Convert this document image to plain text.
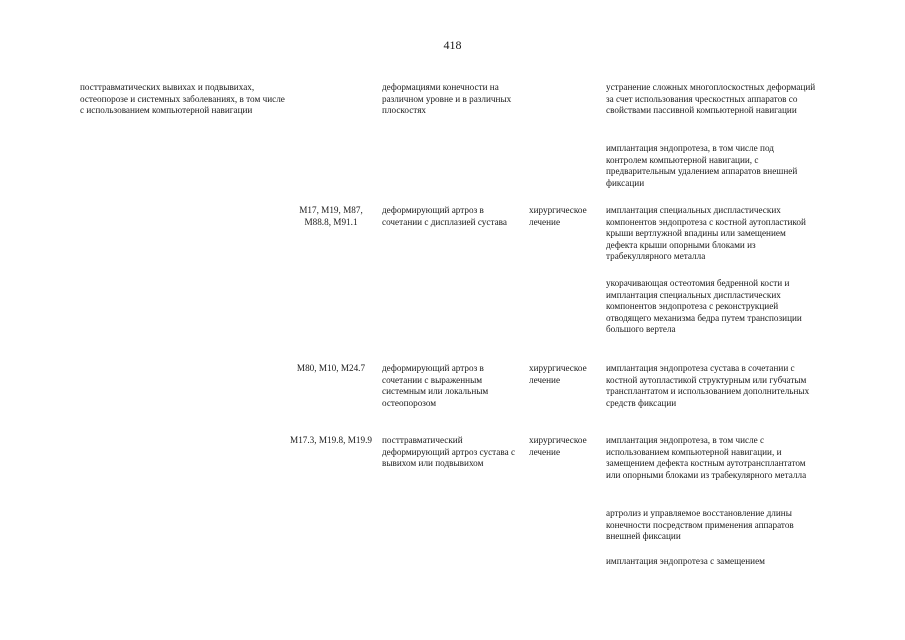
418
посттравматических вывихах и подвывихах, остеопорозе и системных заболеваниях, в том числе с использованием компьютерной навигации
деформациями конечности на различном уровне и в различных плоскостях
устранение сложных многоплоскостных деформаций за счет использования чрескостных аппаратов со свойствами пассивной компьютерной навигации
имплантация эндопротеза, в том числе под контролем компьютерной навигации, с предварительным удалением аппаратов внешней фиксации
M17, M19, M87, M88.8, M91.1
деформирующий артроз в сочетании с дисплазией сустава
хирургическое лечение
имплантация специальных диспластических компонентов эндопротеза с костной аутопластикой крыши вертлужной впадины или замещением дефекта крыши опорными блоками из трабекуллярного металла
укорачивающая остеотомия бедренной кости и имплантация специальных диспластических компонентов эндопротеза с реконструкцией отводящего механизма бедра путем транспозиции большого вертела
M80, M10, M24.7	деформирующий артроз в сочетании с выраженным системным или локальным остеопорозом
хирургическое лечение
имплантация эндопротеза сустава в сочетании с костной аутопластикой структурным или губчатым трансплантатом и использованием дополнительных средств фиксации
M17.3, M19.8, M19.9 посттравматический деформирующий артроз сустава с вывихом или подвывихом
хирургическое лечение
имплантация эндопротеза, в том числе с использованием компьютерной навигации, и замещением дефекта костным аутотрансплантатом или опорными блоками из трабекулярного металла
артролиз и управляемое восстановление длины конечности посредством применения аппаратов внешней фиксации
имплантация эндопротеза с замещением
